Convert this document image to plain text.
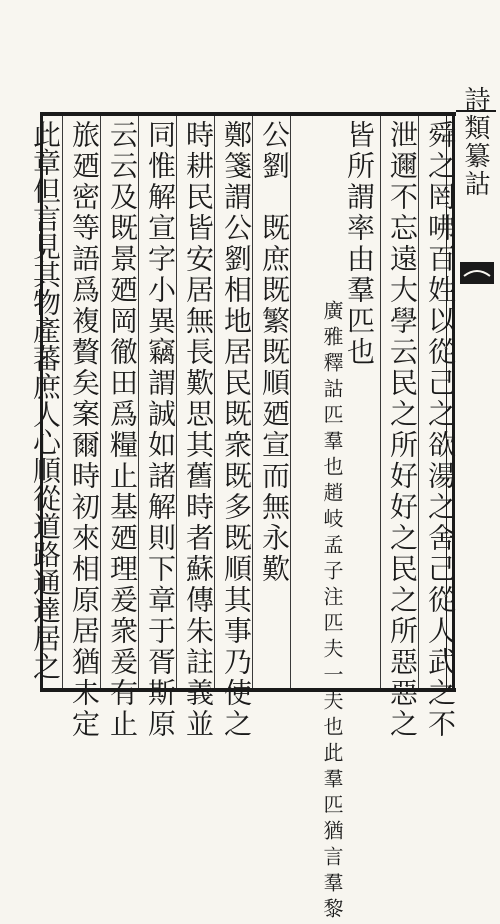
詩類纂詁
舜之罔咈百姓以從己之欲湯之舍己從人武之不
泄邇不忘遠大學云民之所好好之民之所惡惡之
皆所謂率由羣匹也
廣雅釋詁匹羣也趙岐孟子注匹夫一夫也此羣匹猶言羣黎
公劉　既庶既繁既順廼宣而無永歎
鄭箋謂公劉相地居民既衆既多既順其事乃使之
時耕民皆安居無長歎思其舊時者蘇傳朱註義並
同惟解宣字小異竊謂誠如諸解則下章于胥斯原
云云及既景廼岡徹田爲糧止基廼理爰衆爰有止
旅廼密等語爲複贅矣案爾時初來相原居猶未定
此章但言見其物產蕃庶人心順從道路通達居之
